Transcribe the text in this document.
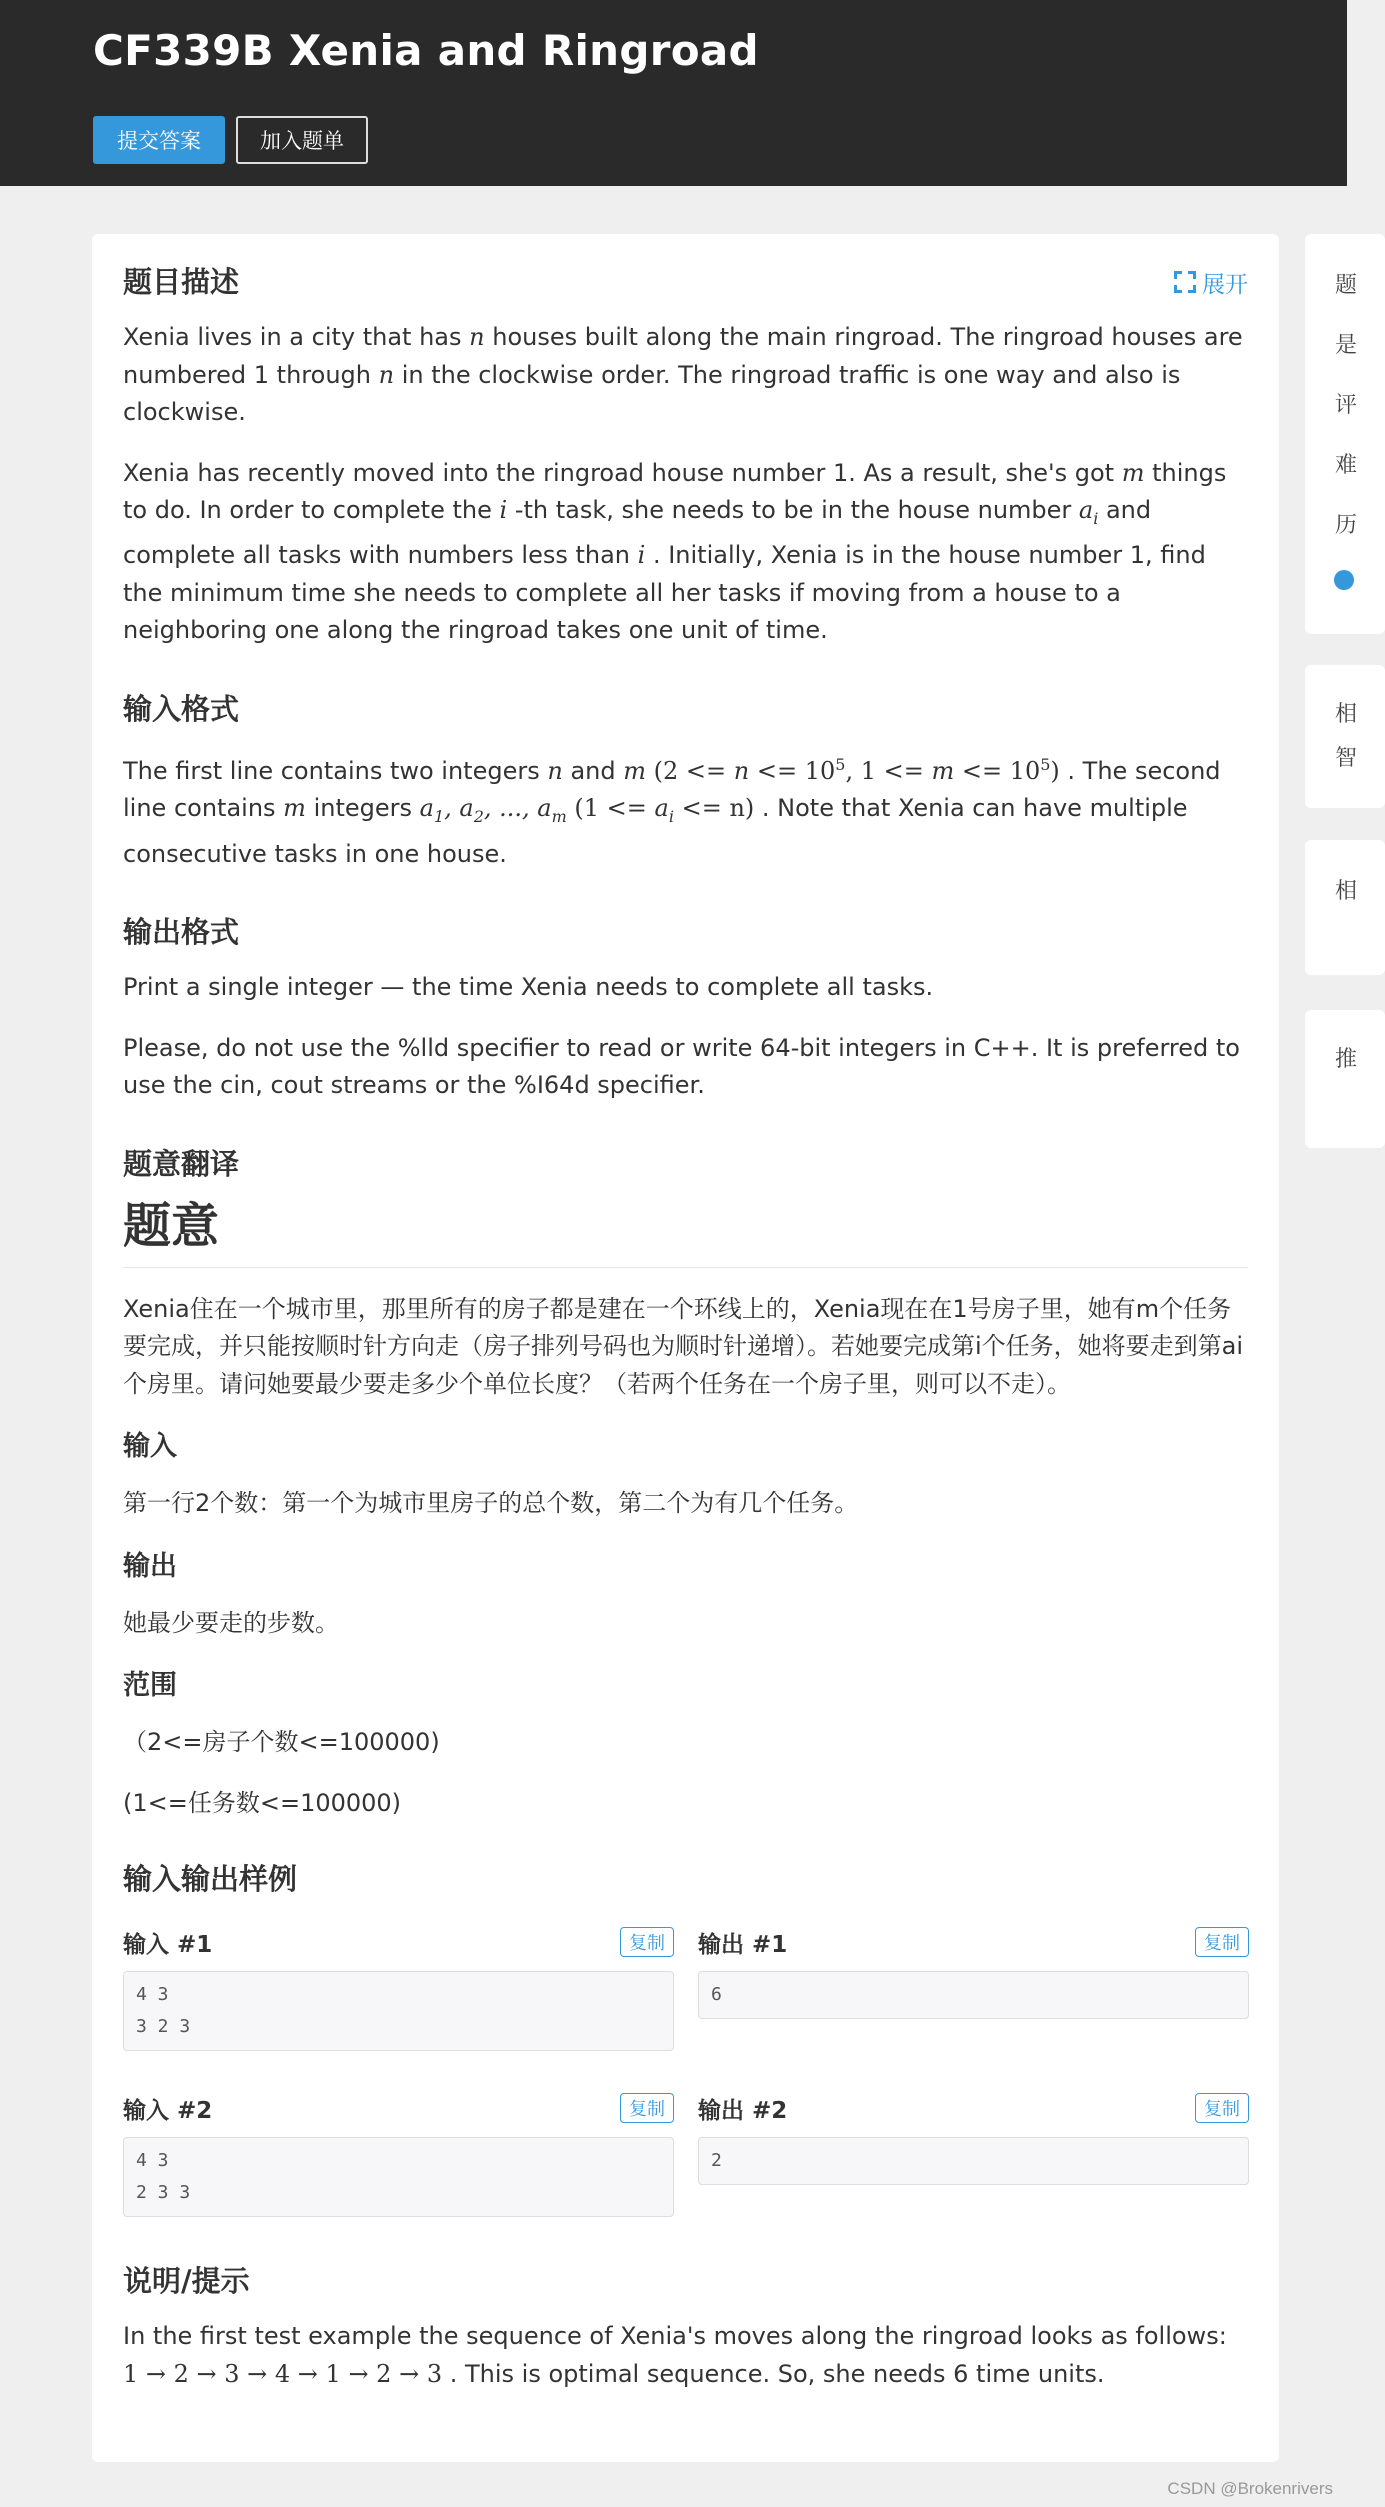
CF339B Xenia and Ringroad
提交答案	加入题单
题目描述	展开

Xenia lives in a city that has n houses built along the main ringroad. The ringroad houses are numbered 1 through n in the clockwise order. The ringroad traffic is one way and also is clockwise.

Xenia has recently moved into the ringroad house number 1. As a result, she's got m things to do. In order to complete the i -th task, she needs to be in the house number $a_i$ and complete all tasks with numbers less than i . Initially, Xenia is in the house number 1, find the minimum time she needs to complete all her tasks if moving from a house to a neighboring one along the ringroad takes one unit of time.

输入格式

The first line contains two integers n and m ($2 <= n <= 10^5$, $1 <= m <= 10^5$) . The second line contains m integers $a_1$, $a_2$, ..., $a_m$ $(1 <= a_i <= n)$ . Note that Xenia can have multiple consecutive tasks in one house.

输出格式

Print a single integer — the time Xenia needs to complete all tasks.

Please, do not use the %lld specifier to read or write 64-bit integers in С++. It is preferred to use the cin, cout streams or the %I64d specifier.

题意翻译
题意

Xenia住在一个城市里，那里所有的房子都是建在一个环线上的，Xenia现在在1号房子里，她有m个任务要完成，并只能按顺时针方向走（房子排列号码也为顺时针递增）。若她要完成第i个任务，她将要走到第ai个房里。请问她要最少要走多少个单位长度？（若两个任务在一个房子里，则可以不走）。

输入

第一行2个数：第一个为城市里房子的总个数，第二个为有几个任务。

输出

她最少要走的步数。

范围

（2<=房子个数<=100000)

(1<=任务数<=100000)

输入输出样例
输入 #1	复制
4 3
3 2 3
输出 #1	复制
6
输入 #2	复制
4 3
2 3 3
输出 #2	复制
2
说明/提示

In the first test example the sequence of Xenia's moves along the ringroad looks as follows: 1 → 2 → 3 → 4 → 1 → 2 → 3 . This is optimal sequence. So, she needs 6 time units.

题
是
评
难
历
相
智
相
推
CSDN @Brokenrivers
